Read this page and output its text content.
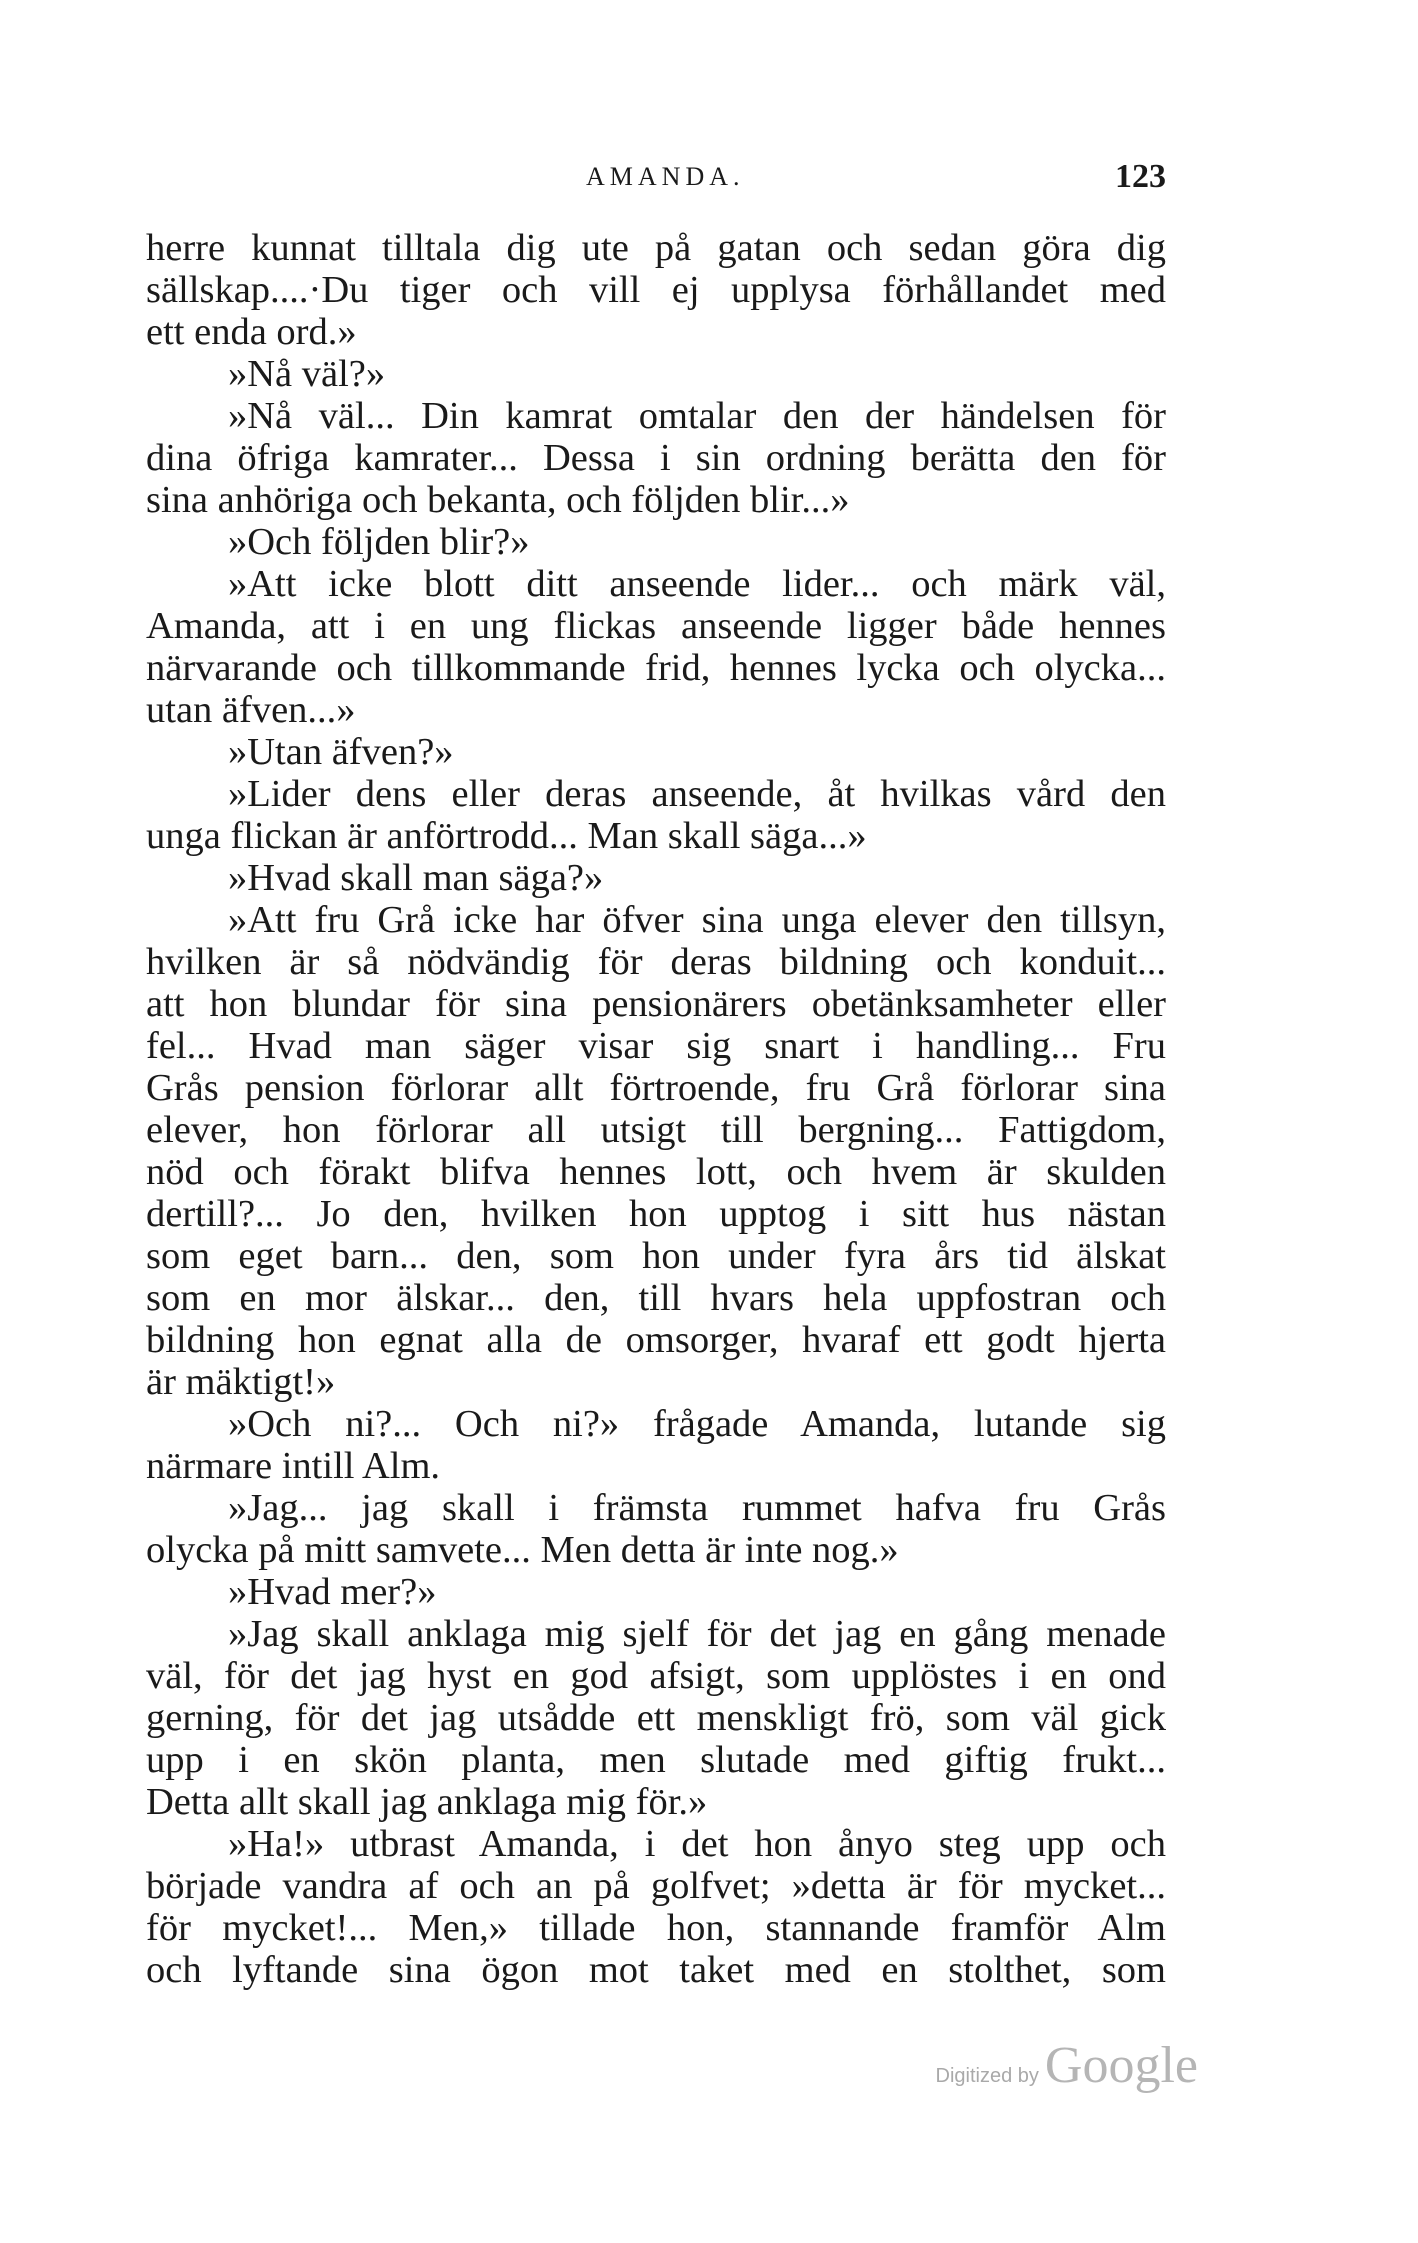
AMANDA.	123
herre kunnat tilltala dig ute på gatan och sedan göra dig
sällskap....·Du tiger och vill ej upplysa förhållandet med
ett enda ord.»
»Nå väl?»
»Nå väl... Din kamrat omtalar den der händelsen för
dina öfriga kamrater... Dessa i sin ordning berätta den för
sina anhöriga och bekanta, och följden blir...»
»Och följden blir?»
»Att icke blott ditt anseende lider... och märk väl,
Amanda, att i en ung flickas anseende ligger både hennes
närvarande och tillkommande frid, hennes lycka och olycka...
utan äfven...»
»Utan äfven?»
»Lider dens eller deras anseende, åt hvilkas vård den
unga flickan är anförtrodd... Man skall säga...»
»Hvad skall man säga?»
»Att fru Grå icke har öfver sina unga elever den tillsyn,
hvilken är så nödvändig för deras bildning och konduit...
att hon blundar för sina pensionärers obetänksamheter eller
fel... Hvad man säger visar sig snart i handling... Fru
Grås pension förlorar allt förtroende, fru Grå förlorar sina
elever, hon förlorar all utsigt till bergning... Fattigdom,
nöd och förakt blifva hennes lott, och hvem är skulden
dertill?... Jo den, hvilken hon upptog i sitt hus nästan
som eget barn... den, som hon under fyra års tid älskat
som en mor älskar... den, till hvars hela uppfostran och
bildning hon egnat alla de omsorger, hvaraf ett godt hjerta
är mäktigt!»
»Och ni?... Och ni?» frågade Amanda, lutande sig
närmare intill Alm.
»Jag... jag skall i främsta rummet hafva fru Grås
olycka på mitt samvete... Men detta är inte nog.»
»Hvad mer?»
»Jag skall anklaga mig sjelf för det jag en gång menade
väl, för det jag hyst en god afsigt, som upplöstes i en ond
gerning, för det jag utsådde ett menskligt frö, som väl gick
upp i en skön planta, men slutade med giftig frukt...
Detta allt skall jag anklaga mig för.»
»Ha!» utbrast Amanda, i det hon ånyo steg upp och
började vandra af och an på golfvet; »detta är för mycket...
för mycket!... Men,» tillade hon, stannande framför Alm
och lyftande sina ögon mot taket med en stolthet, som
Digitized by Google
